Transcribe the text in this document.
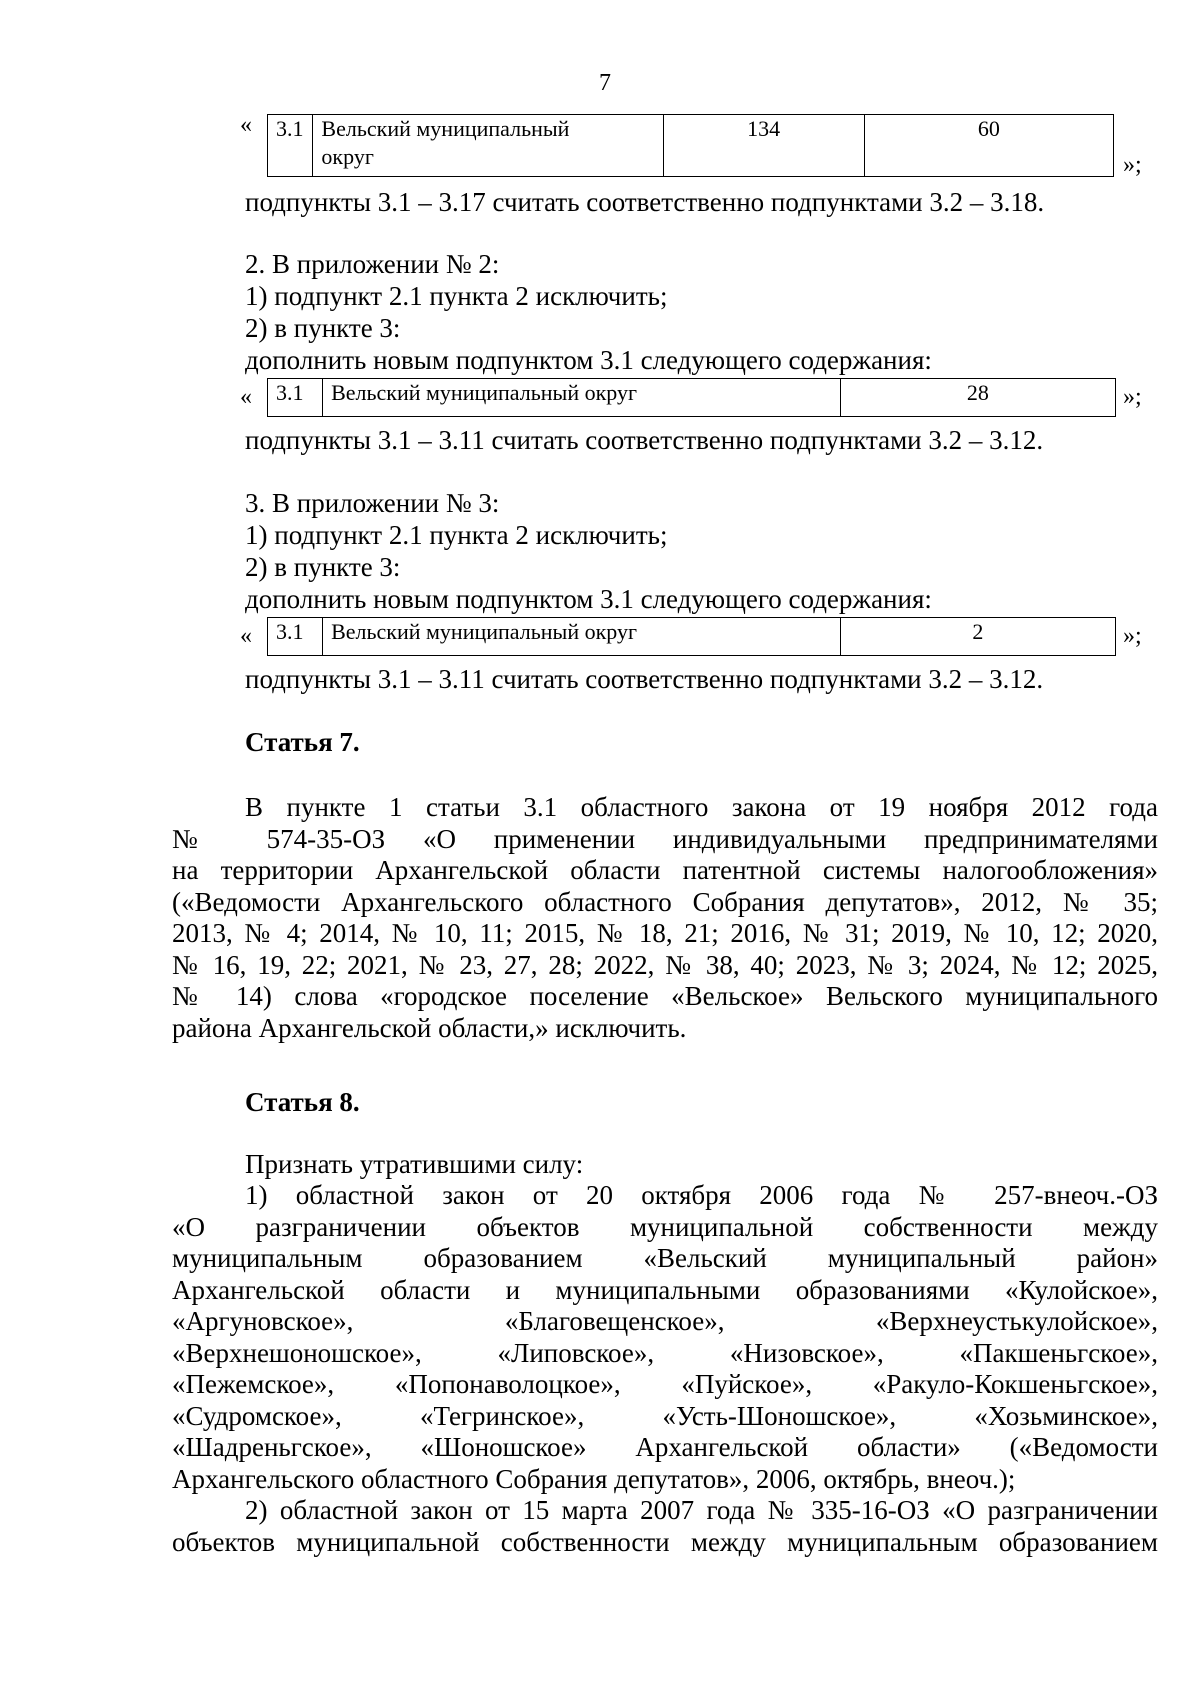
7
« 3.1	Вельский муниципальный
округ	134	60
»;
подпункты 3.1 – 3.17 считать соответственно подпунктами 3.2 – 3.18.
2. В приложении № 2:
1) подпункт 2.1 пункта 2 исключить;
2) в пункте 3:
дополнить новым подпунктом 3.1 следующего содержания:
« 3.1	Вельский муниципальный округ	28	»;
подпункты 3.1 – 3.11 считать соответственно подпунктами 3.2 – 3.12.
3. В приложении № 3:
1) подпункт 2.1 пункта 2 исключить;
2) в пункте 3:
дополнить новым подпунктом 3.1 следующего содержания:
« 3.1	Вельский муниципальный округ	2	»;
подпункты 3.1 – 3.11 считать соответственно подпунктами 3.2 – 3.12.
Статья 7.
В пункте 1 статьи 3.1 областного закона от 19 ноября 2012 года
№ 574-35-ОЗ «О применении индивидуальными предпринимателями
на территории Архангельской области патентной системы налогообложения»
(«Ведомости Архангельского областного Собрания депутатов», 2012, № 35;
2013, № 4; 2014, № 10, 11; 2015, № 18, 21; 2016, № 31; 2019, № 10, 12; 2020,
№ 16, 19, 22; 2021, № 23, 27, 28; 2022, № 38, 40; 2023, № 3; 2024, № 12; 2025,
№ 14) слова «городское поселение «Вельское» Вельского муниципального
района Архангельской области,» исключить.
Статья 8.
Признать утратившими силу:
1) областной закон от 20 октября 2006 года № 257-внеоч.-ОЗ
«О разграничении объектов муниципальной собственности между
муниципальным образованием «Вельский муниципальный район»
Архангельской области и муниципальными образованиями «Кулойское»,
«Аргуновское», «Благовещенское», «Верхнеустькулойское»,
«Верхнешоношское», «Липовское», «Низовское», «Пакшеньгское»,
«Пежемское», «Попонаволоцкое», «Пуйское», «Ракуло-Кокшеньгское»,
«Судромское», «Тегринское», «Усть-Шоношское», «Хозьминское»,
«Шадреньгское», «Шоношское» Архангельской области» («Ведомости
Архангельского областного Собрания депутатов», 2006, октябрь, внеоч.);
2) областной закон от 15 марта 2007 года № 335-16-ОЗ «О разграничении
объектов муниципальной собственности между муниципальным образованием
